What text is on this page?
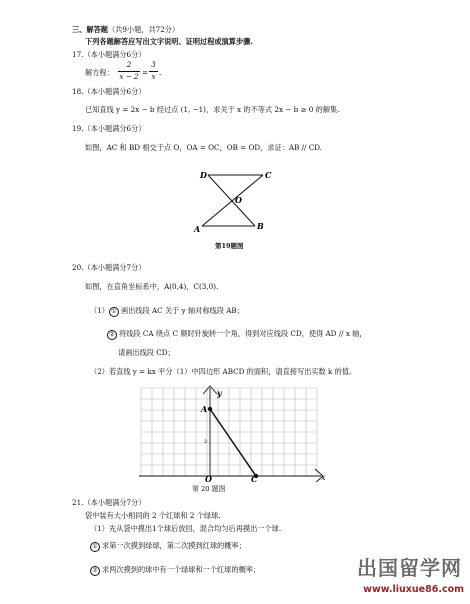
三、解答题（共9小题，共72分）
下列各题解答应写出文字说明、证明过程或演算步骤.
17.（本小题满分6分）
解方程：
2
x − 2 =
3
x .
18.（本小题满分6分）
已知直线 y = 2x − b 经过点 (1, −1)，求关于 x 的不等式 2x − b ≥ 0 的解集.
19.（本小题满分6分）
如图，AC 和 BD 相交于点 O，OA = OC，OB = OD，求证：AB // CD.
D	C
O
A	B
第19题图
20.（本小题满分7分）
如图，在直角坐标系中，A(0,4)，C(3,0).
（1） ① 画出线段 AC 关于 y 轴对称线段 AB；
② 将线段 CA 绕点 C 顺时针旋转一个角，得到对应线段 CD，使得 AD // x 轴，
请画出线段 CD；
（2）若直线 y = kx 平分（1）中四边形 ABCD 的面积，请直接写出实数 k 的值.
y
x
A
2
O	C
第 20 题图
21.（本小题满分7分）
袋中装有大小相同的 2 个红球和 2 个绿球.
（1）先从袋中摸出1个球后放回，混合均匀后再摸出一个球.
① 求第一次摸到绿球，第二次摸到红球的概率；
② 求两次摸到的球中有一个绿球和一个红球的概率；	出国留学网
www.liuxue86.com
